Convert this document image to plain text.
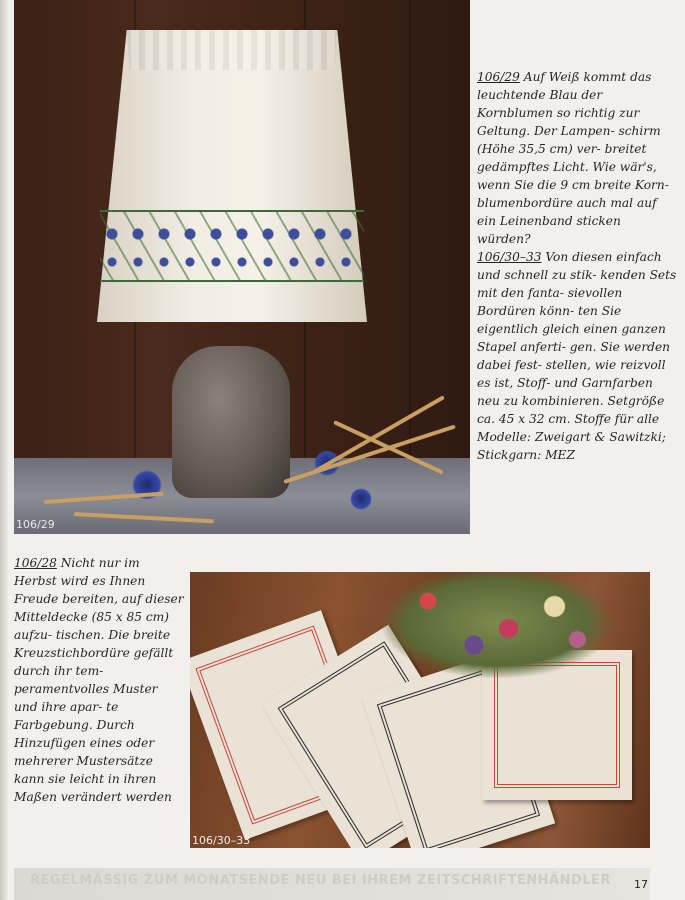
106/29
106/29 Auf Weiß kommt das leuchtende Blau der Kornblumen so richtig zur Geltung. Der Lampen- schirm (Höhe 35,5 cm) ver- breitet gedämpftes Licht. Wie wär's, wenn Sie die 9 cm breite Korn- blumenbordüre auch mal auf ein Leinenband sticken würden?
106/30–33 Von diesen einfach und schnell zu stik- kenden Sets mit den fanta- sievollen Bordüren könn- ten Sie eigentlich gleich einen ganzen Stapel anferti- gen. Sie werden dabei fest- stellen, wie reizvoll es ist, Stoff- und Garnfarben neu zu kombinieren. Setgröße ca. 45 x 32 cm. Stoffe für alle Modelle: Zweigart & Sawitzki; Stickgarn: MEZ
106/28 Nicht nur im Herbst wird es Ihnen Freude bereiten, auf dieser Mitteldecke (85 x 85 cm) aufzu- tischen. Die breite Kreuzstichbordüre gefällt durch ihr tem- peramentvolles Muster und ihre apar- te Farbgebung. Durch Hinzufügen eines oder mehrerer Mustersätze kann sie leicht in ihren Maßen verändert werden
106/30–33
REGELMÄSSIG ZUM MONATSENDE NEU BEI IHREM ZEITSCHRIFTENHÄNDLER	17
